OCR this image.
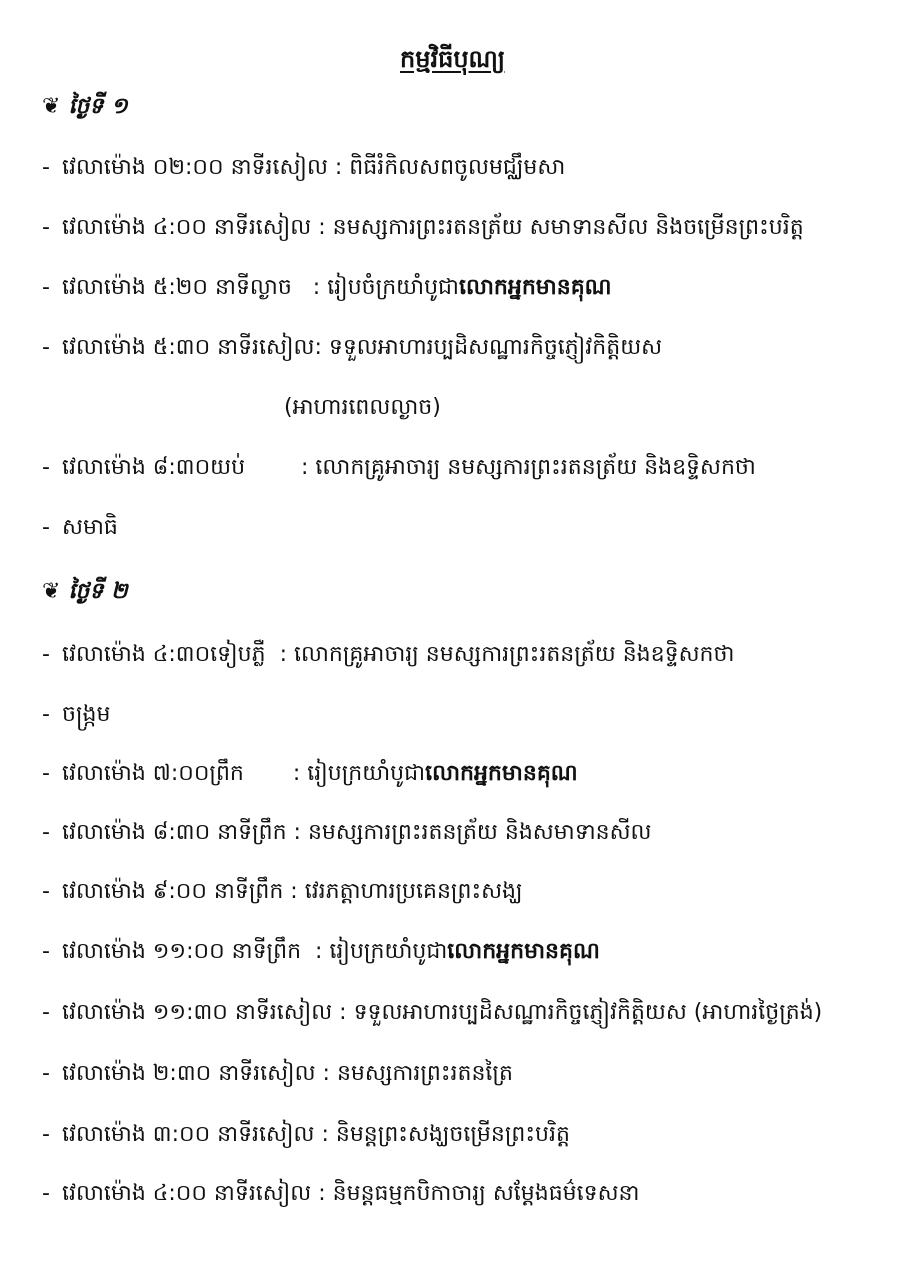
កម្មវិធីបុណ្យ
❦ ថ្ងៃទី ១
- វេលាម៉ោង ០២:០០ នាទីរសៀល : ពិធីរំកិលសពចូលមជ្ឈឹមសា
- វេលាម៉ោង ៤:០០ នាទីរសៀល : នមស្សការព្រះរតនត្រ័យ សមាទានសីល និងចម្រើនព្រះបរិត្ត
- វេលាម៉ោង ៥:២០ នាទីល្ងាច   : រៀបចំក្រយាំបូជាលោកអ្នកមានគុណ
- វេលាម៉ោង ៥:៣០ នាទីរសៀល: ទទួលអាហារប្បដិសណ្ឋារកិច្ចភ្ញៀវកិត្តិយស
(អាហារពេលល្ងាច)
- វេលាម៉ោង ៨:៣០យប់        : លោកគ្រូអាចារ្យ នមស្សការព្រះរតនត្រ័យ និងឧទ្ទិសកថា
- សមាធិ
❦ ថ្ងៃទី ២
- វេលាម៉ោង ៤:៣០ទៀបភ្លឺ  : លោកគ្រូអាចារ្យ នមស្សការព្រះរតនត្រ័យ និងឧទ្ទិសកថា
- ចង្ក្រម
- វេលាម៉ោង ៧:០០ព្រឹក       : រៀបក្រយាំបូជាលោកអ្នកមានគុណ
- វេលាម៉ោង ៨:៣០ នាទីព្រឹក : នមស្សការព្រះរតនត្រ័យ និងសមាទានសីល
- វេលាម៉ោង ៩:០០ នាទីព្រឹក : វេរភត្តាហារប្រគេនព្រះសង្ឃ
- វេលាម៉ោង ១១:០០ នាទីព្រឹក  : រៀបក្រយាំបូជាលោកអ្នកមានគុណ
- វេលាម៉ោង ១១:៣០ នាទីរសៀល : ទទួលអាហារប្បដិសណ្ឋារកិច្ចភ្ញៀវកិត្តិយស (អាហារថ្ងៃត្រង់)
- វេលាម៉ោង ២:៣០ នាទីរសៀល : នមស្សការព្រះរតនត្រៃ
- វេលាម៉ោង ៣:០០ នាទីរសៀល : និមន្តព្រះសង្ឃចម្រើនព្រះបរិត្ត
- វេលាម៉ោង ៤:០០ នាទីរសៀល : និមន្តធម្មកបិកាចារ្យ សម្ដែងធម៌ទេសនា
